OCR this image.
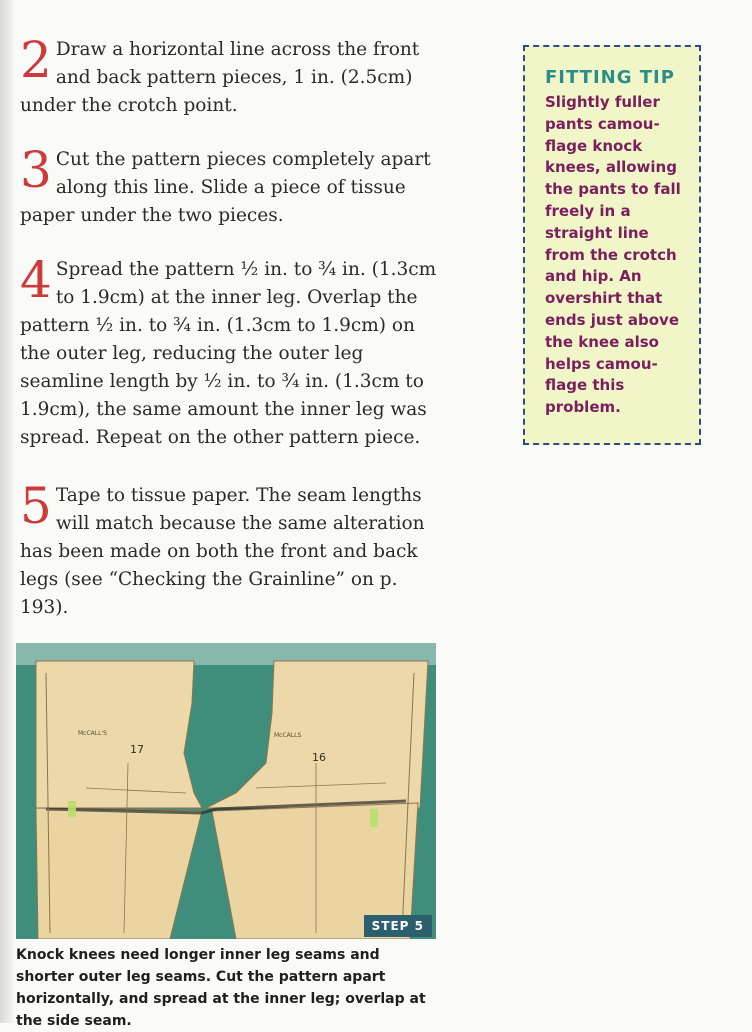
2 Draw a horizontal line across the front and back pattern pieces, 1 in. (2.5cm) under the crotch point.
3 Cut the pattern pieces completely apart along this line. Slide a piece of tissue paper under the two pieces.
4 Spread the pattern ½ in. to ¾ in. (1.3cm to 1.9cm) at the inner leg. Overlap the pattern ½ in. to ¾ in. (1.3cm to 1.9cm) on the outer leg, reducing the outer leg seamline length by ½ in. to ¾ in. (1.3cm to 1.9cm), the same amount the inner leg was spread. Repeat on the other pattern piece.
5 Tape to tissue paper. The seam lengths will match because the same alteration has been made on both the front and back legs (see “Checking the Grainline” on p. 193).
FITTING TIP

Slightly fuller pants camou-flage knock knees, allowing the pants to fall freely in a straight line from the crotch and hip. An overshirt that ends just above the knee also helps camou-flage this problem.

McCALL'S
17
McCALLS
16
STEP 5

Knock knees need longer inner leg seams and shorter outer leg seams. Cut the pattern apart horizontally, and spread at the inner leg; overlap at the side seam.
